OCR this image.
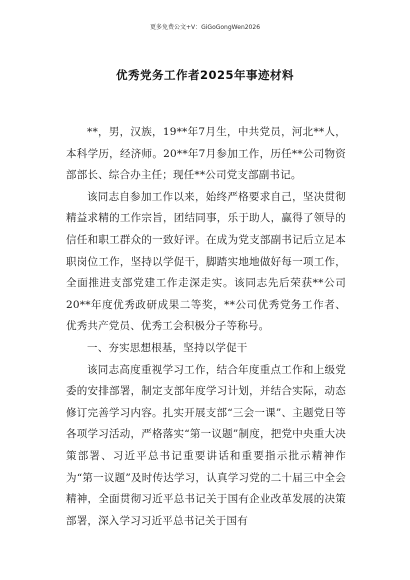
更多免费公文+V：GiGoGongWen2026
优秀党务工作者2025年事迹材料

**，男，汉族，19**年7月生，中共党员，河北**人，本科学历，经济师。20**年7月参加工作，历任**公司物资部部长、综合办主任；现任**公司党支部副书记。

该同志自参加工作以来，始终严格要求自己，坚决贯彻精益求精的工作宗旨，团结同事，乐于助人，赢得了领导的信任和职工群众的一致好评。在成为党支部副书记后立足本职岗位工作，坚持以学促干，脚踏实地地做好每一项工作，全面推进支部党建工作走深走实。该同志先后荣获**公司20**年度优秀政研成果二等奖，**公司优秀党务工作者、优秀共产党员、优秀工会积极分子等称号。

一、夯实思想根基，坚持以学促干

该同志高度重视学习工作，结合年度重点工作和上级党委的安排部署，制定支部年度学习计划，并结合实际，动态修订完善学习内容。扎实开展支部“三会一课”、主题党日等各项学习活动，严格落实“第一议题”制度，把党中央重大决策部署、习近平总书记重要讲话和重要指示批示精神作为“第一议题”及时传达学习，认真学习党的二十届三中全会精神，全面贯彻习近平总书记关于国有企业改革发展的决策部署，深入学习习近平总书记关于国有
